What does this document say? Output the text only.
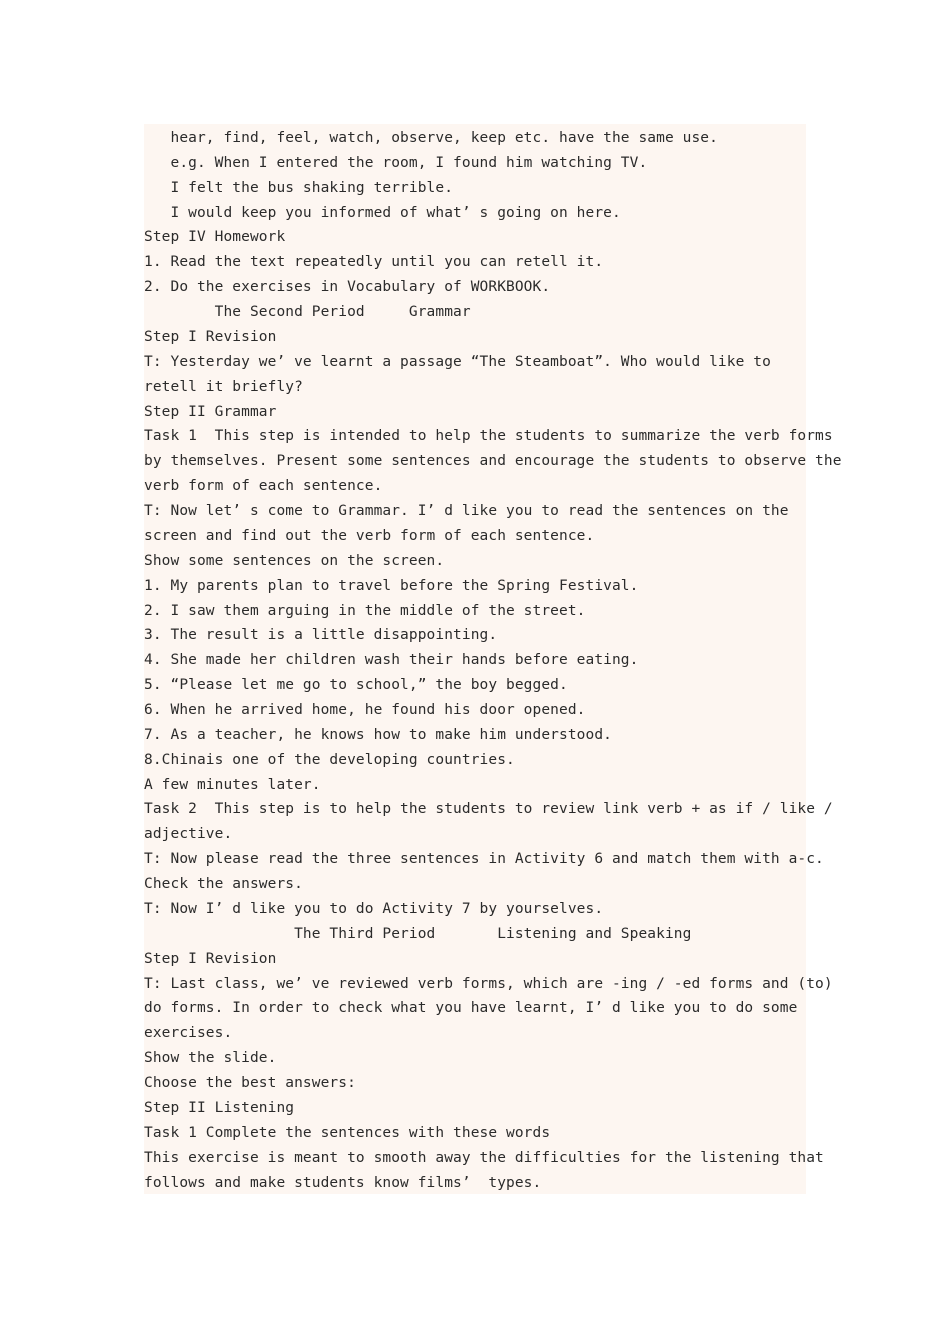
hear, find, feel, watch, observe, keep etc. have the same use.
e.g. When I entered the room, I found him watching TV.
I felt the bus shaking terrible.
I would keep you informed of what’ s going on here.
Step IV Homework
1. Read the text repeatedly until you can retell it.
2. Do the exercises in Vocabulary of WORKBOOK.
The Second Period     Grammar
Step I Revision
T: Yesterday we’ ve learnt a passage “The Steamboat”. Who would like to
retell it briefly?
Step II Grammar
Task 1  This step is intended to help the students to summarize the verb forms
by themselves. Present some sentences and encourage the students to observe the
verb form of each sentence.
T: Now let’ s come to Grammar. I’ d like you to read the sentences on the
screen and find out the verb form of each sentence.
Show some sentences on the screen.
1. My parents plan to travel before the Spring Festival.
2. I saw them arguing in the middle of the street.
3. The result is a little disappointing.
4. She made her children wash their hands before eating.
5. “Please let me go to school,” the boy begged.
6. When he arrived home, he found his door opened.
7. As a teacher, he knows how to make him understood.
8.Chinais one of the developing countries.
A few minutes later.
Task 2  This step is to help the students to review link verb + as if / like /
adjective.
T: Now please read the three sentences in Activity 6 and match them with a-c.
Check the answers.
T: Now I’ d like you to do Activity 7 by yourselves.
The Third Period       Listening and Speaking
Step I Revision
T: Last class, we’ ve reviewed verb forms, which are -ing / -ed forms and (to)
do forms. In order to check what you have learnt, I’ d like you to do some
exercises.
Show the slide.
Choose the best answers:
Step II Listening
Task 1 Complete the sentences with these words
This exercise is meant to smooth away the difficulties for the listening that
follows and make students know films’  types.
